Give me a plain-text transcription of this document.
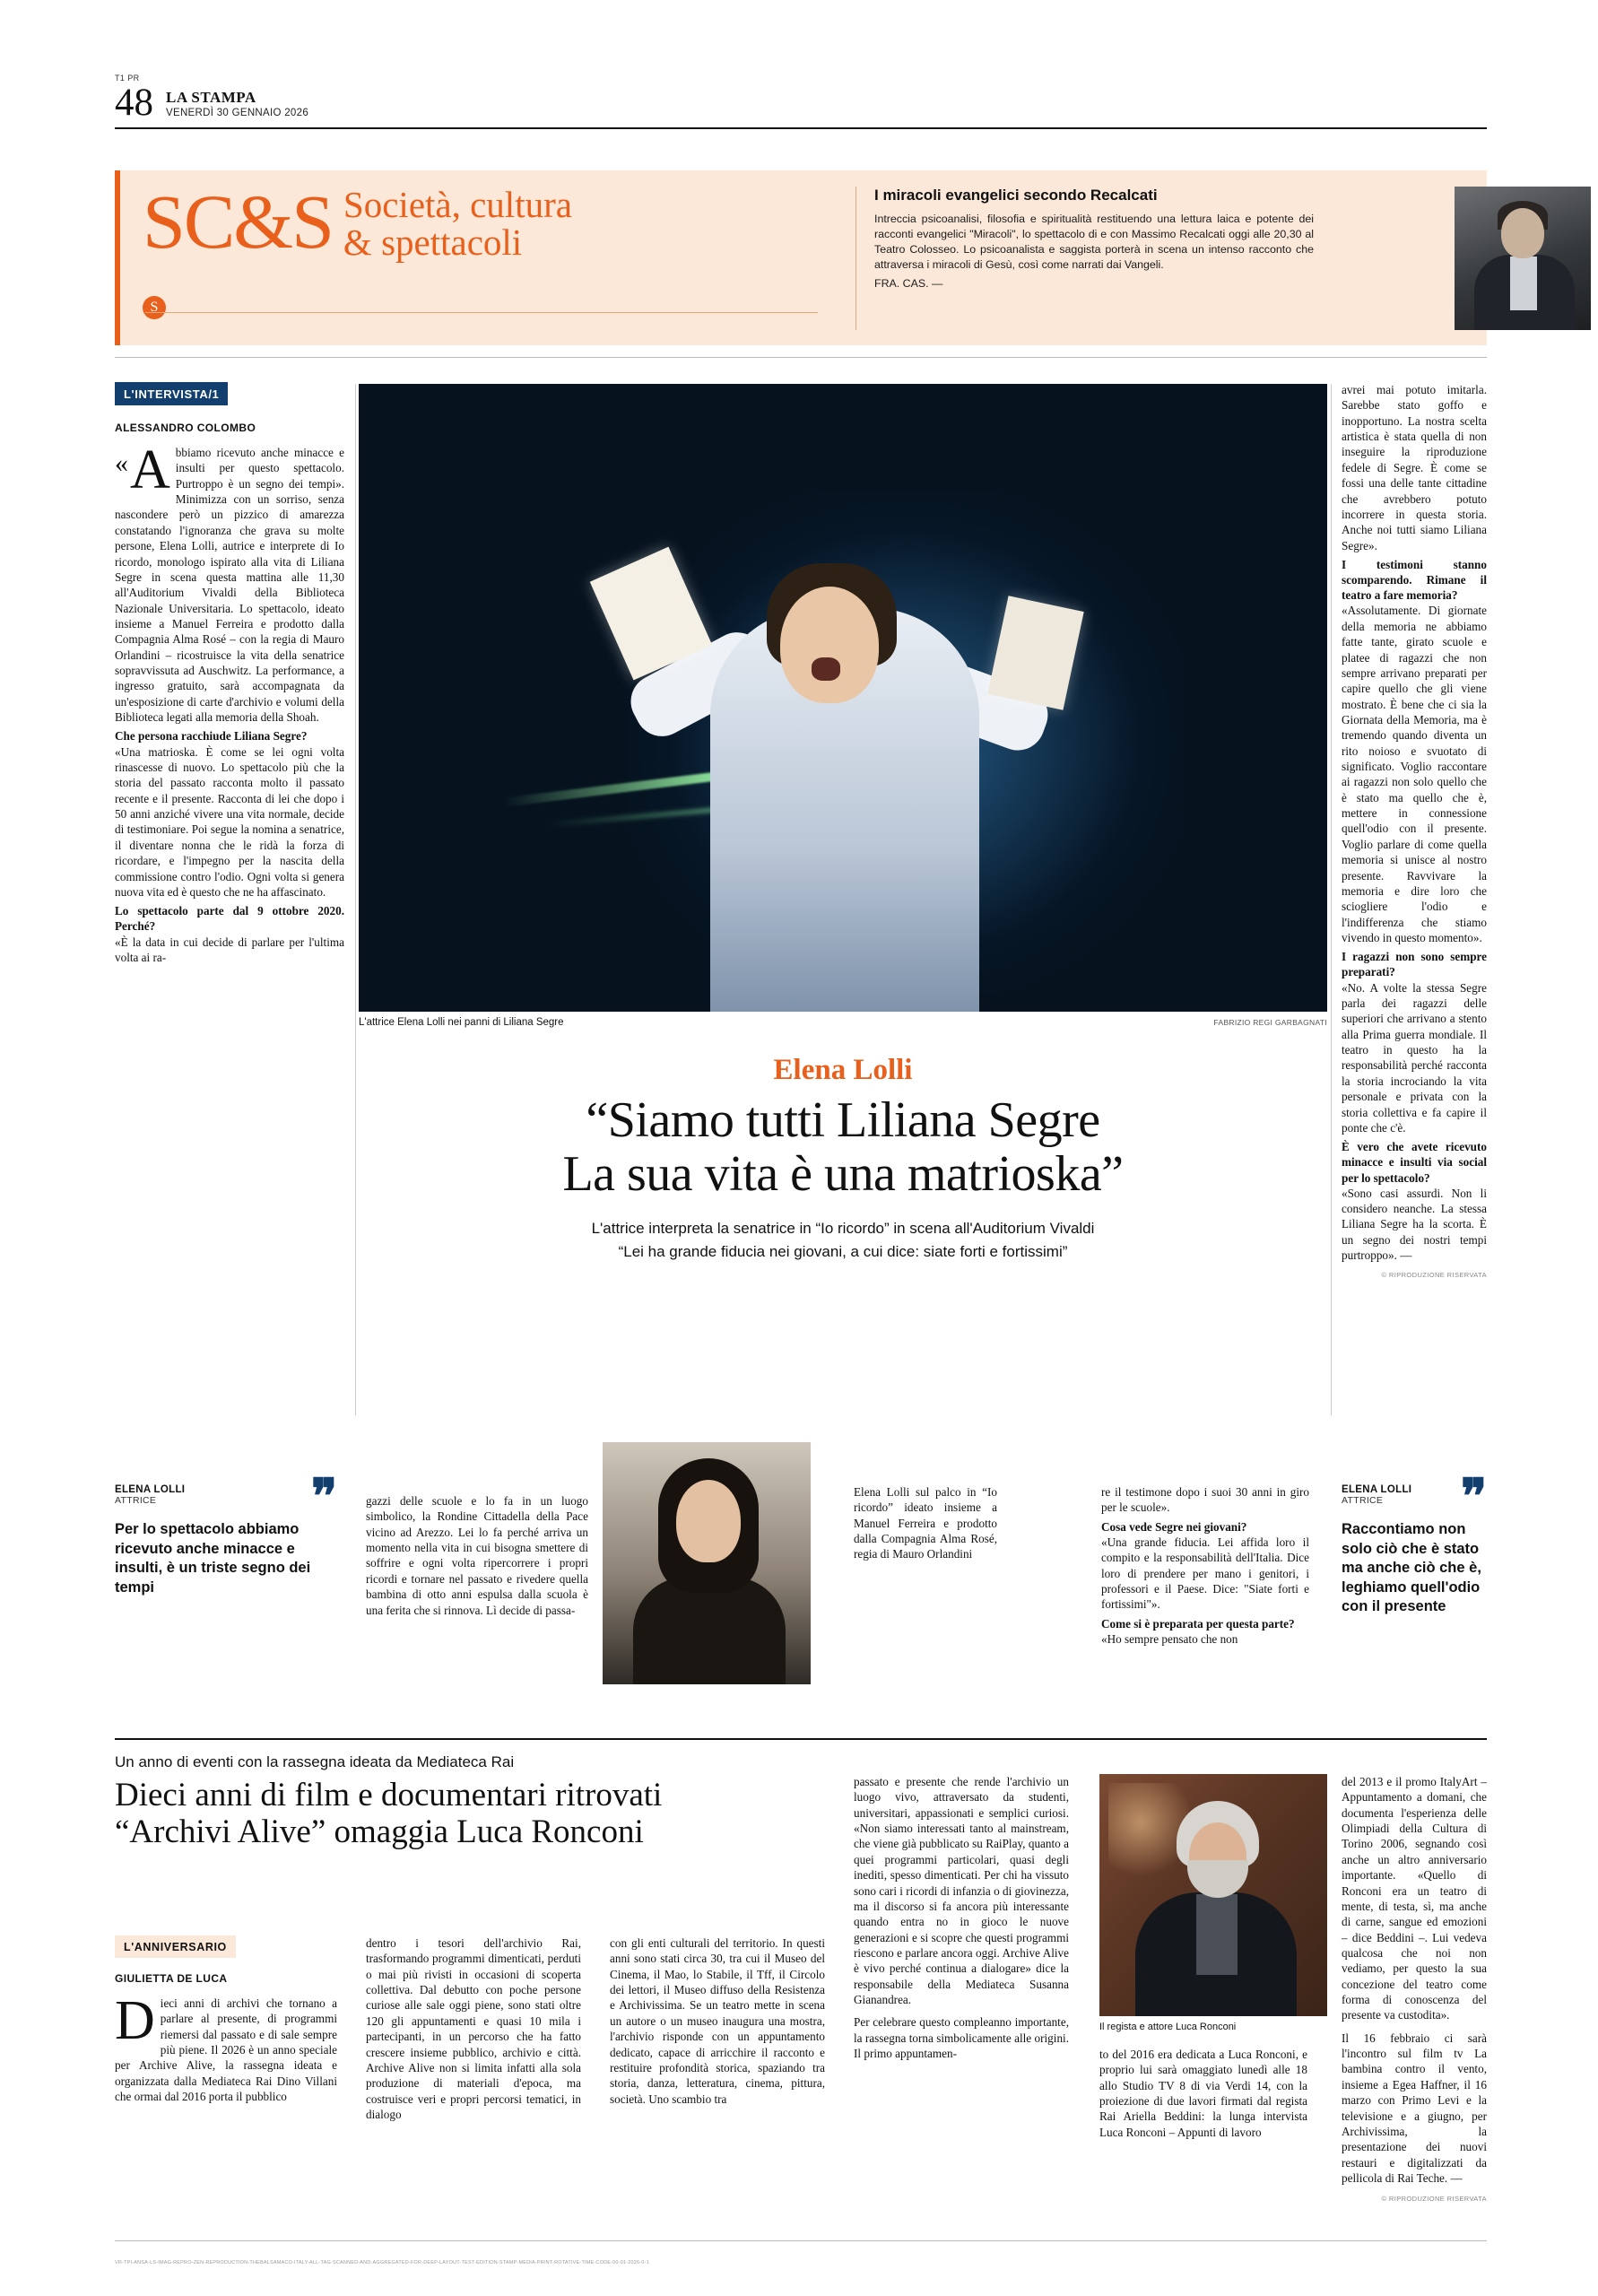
T1 PR
48 LA STAMPA
VENERDÌ 30 GENNAIO 2026
SC&S Società, cultura
& spettacoli
S
I miracoli evangelici secondo Recalcati

Intreccia psicoanalisi, filosofia e spiritualità restituendo una lettura laica e potente dei racconti evangelici "Miracoli", lo spettacolo di e con Massimo Recalcati oggi alle 20,30 al Teatro Colosseo. Lo psicoanalista e saggista porterà in scena un intenso racconto che attraversa i miracoli di Gesù, così come narrati dai Vangeli.

FRA. CAS. —

L'INTERVISTA/1
ALESSANDRO COLOMBO
« A bbiamo ricevuto anche minacce e insulti per questo spettacolo. Purtroppo è un segno dei tempi». Minimizza con un sorriso, senza nascondere però un pizzico di amarezza constatando l'ignoranza che grava su molte persone, Elena Lolli, autrice e interprete di Io ricordo, monologo ispirato alla vita di Liliana Segre in scena questa mattina alle 11,30 all'Auditorium Vivaldi della Biblioteca Nazionale Universitaria. Lo spettacolo, ideato insieme a Manuel Ferreira e prodotto dalla Compagnia Alma Rosé – con la regia di Mauro Orlandini – ricostruisce la vita della senatrice sopravvissuta ad Auschwitz. La performance, a ingresso gratuito, sarà accompagnata da un'esposizione di carte d'archivio e volumi della Biblioteca legati alla memoria della Shoah.

Che persona racchiude Liliana Segre?

«Una matrioska. È come se lei ogni volta rinascesse di nuovo. Lo spettacolo più che la storia del passato racconta molto il passato recente e il presente. Racconta di lei che dopo i 50 anni anziché vivere una vita normale, decide di testimoniare. Poi segue la nomina a senatrice, il diventare nonna che le ridà la forza di ricordare, e l'impegno per la nascita della commissione contro l'odio. Ogni volta si genera nuova vita ed è questo che ne ha affascinato.

Lo spettacolo parte dal 9 ottobre 2020. Perché?

«È la data in cui decide di parlare per l'ultima volta ai ra-

L'attrice Elena Lolli nei panni di Liliana Segre	FABRIZIO REGI GARBAGNATI
Elena Lolli
“Siamo tutti Liliana Segre
La sua vita è una matrioska”
L'attrice interpreta la senatrice in “Io ricordo” in scena all'Auditorium Vivaldi
“Lei ha grande fiducia nei giovani, a cui dice: siate forti e fortissimi”

avrei mai potuto imitarla. Sarebbe stato goffo e inopportuno. La nostra scelta artistica è stata quella di non inseguire la riproduzione fedele di Segre. È come se fossi una delle tante cittadine che avrebbero potuto incorrere in questa storia. Anche noi tutti siamo Liliana Segre».

I testimoni stanno scomparendo. Rimane il teatro a fare memoria?

«Assolutamente. Di giornate della memoria ne abbiamo fatte tante, girato scuole e platee di ragazzi che non sempre arrivano preparati per capire quello che gli viene mostrato. È bene che ci sia la Giornata della Memoria, ma è tremendo quando diventa un rito noioso e svuotato di significato. Voglio raccontare ai ragazzi non solo quello che è stato ma quello che è, mettere in connessione quell'odio con il presente. Voglio parlare di come quella memoria si unisce al nostro presente. Ravvivare la memoria e dire loro che sciogliere l'odio e l'indifferenza che stiamo vivendo in questo momento».

I ragazzi non sono sempre preparati?

«No. A volte la stessa Segre parla dei ragazzi delle superiori che arrivano a stento alla Prima guerra mondiale. Il teatro in questo ha la responsabilità perché racconta la storia incrociando la vita personale e privata con la storia collettiva e fa capire il ponte che c'è.

È vero che avete ricevuto minacce e insulti via social per lo spettacolo?

«Sono casi assurdi. Non li considero neanche. La stessa Liliana Segre ha la scorta. È un segno dei nostri tempi purtroppo». —

© RIPRODUZIONE RISERVATA
gazzi delle scuole e lo fa in un luogo simbolico, la Rondine Cittadella della Pace vicino ad Arezzo. Lei lo fa perché arriva un momento nella vita in cui bisogna smettere di soffrire e ogni volta ripercorrere i propri ricordi e tornare nel passato e rivedere quella bambina di otto anni espulsa dalla scuola è una ferita che si rinnova. Lì decide di passa-
Elena Lolli sul palco in “Io ricordo” ideato insieme a Manuel Ferreira e prodotto dalla Compagnia Alma Rosé, regia di Mauro Orlandini

re il testimone dopo i suoi 30 anni in giro per le scuole».

Cosa vede Segre nei giovani?

«Una grande fiducia. Lei affida loro il compito e la responsabilità dell'Italia. Dice loro di prendere per mano i genitori, i professori e il Paese. Dice: "Siate forti e fortissimi"».

Come si è preparata per questa parte?

«Ho sempre pensato che non

ELENA LOLLI
ATTRICE	❞
Per lo spettacolo abbiamo ricevuto anche minacce e insulti, è un triste segno dei tempi
ELENA LOLLI
ATTRICE	❞
Raccontiamo non solo ciò che è stato ma anche ciò che è, leghiamo quell'odio con il presente
Un anno di eventi con la rassegna ideata da Mediateca Rai
Dieci anni di film e documentari ritrovati
“Archivi Alive” omaggia Luca Ronconi
L'ANNIVERSARIO
GIULIETTA DE LUCA
D ieci anni di archivi che tornano a parlare al presente, di programmi riemersi dal passato e di sale sempre più piene. Il 2026 è un anno speciale per Archive Alive, la rassegna ideata e organizzata dalla Mediateca Rai Dino Villani che ormai dal 2016 porta il pubblico

dentro i tesori dell'archivio Rai, trasformando programmi dimenticati, perduti o mai più rivisti in occasioni di scoperta collettiva. Dal debutto con poche persone curiose alle sale oggi piene, sono stati oltre 120 gli appuntamenti e quasi 10 mila i partecipanti, in un percorso che ha fatto crescere insieme pubblico, archivio e città. Archive Alive non si limita infatti alla sola produzione di materiali d'epoca, ma costruisce veri e propri percorsi tematici, in dialogo
con gli enti culturali del territorio. In questi anni sono stati circa 30, tra cui il Museo del Cinema, il Mao, lo Stabile, il Tff, il Circolo dei lettori, il Museo diffuso della Resistenza e Archivissima. Se un teatro mette in scena un autore o un museo inaugura una mostra, l'archivio risponde con un appuntamento dedicato, capace di arricchire il racconto e restituire profondità storica, spaziando tra storia, danza, letteratura, cinema, pittura, società. Uno scambio tra
passato e presente che rende l'archivio un luogo vivo, attraversato da studenti, universitari, appassionati e semplici curiosi. «Non siamo interessati tanto al mainstream, che viene già pubblicato su RaiPlay, quanto a quei programmi particolari, quasi degli inediti, spesso dimenticati. Per chi ha vissuto sono cari i ricordi di infanzia o di giovinezza, ma il discorso si fa ancora più interessante quando entra no in gioco le nuove generazioni e si scopre che questi programmi riescono e parlare ancora oggi. Archive Alive è vivo perché continua a dialogare» dice la responsabile della Mediateca Susanna Gianandrea.
Per celebrare questo compleanno importante, la rassegna torna simbolicamente alle origini. Il primo appuntamen-
Il regista e attore Luca Ronconi
to del 2016 era dedicata a Luca Ronconi, e proprio lui sarà omaggiato lunedì alle 18 allo Studio TV 8 di via Verdi 14, con la proiezione di due lavori firmati dal regista Rai Ariella Beddini: la lunga intervista Luca Ronconi – Appunti di lavoro
del 2013 e il promo ItalyArt – Appuntamento a domani, che documenta l'esperienza delle Olimpiadi della Cultura di Torino 2006, segnando così anche un altro anniversario importante. «Quello di Ronconi era un teatro di mente, di testa, sì, ma anche di carne, sangue ed emozioni – dice Beddini –. Lui vedeva qualcosa che noi non vediamo, per questo la sua concezione del teatro come forma di conoscenza del presente va custodita».
Il 16 febbraio ci sarà l'incontro sul film tv La bambina contro il vento, insieme a Egea Haffner, il 16 marzo con Primo Levi e la televisione e a giugno, per Archivissima, la presentazione dei nuovi restauri e digitalizzati da pellicola di Rai Teche. —
© RIPRODUZIONE RISERVATA
VR-TPI-ANSA-LS-IMAG-REPRO-ZEN-REPRODUCTION-THEBALSAMACO-ITALY-ALL-TAG-SCANNED-AND-AGGREGATED-FOR-DEEP-LAYOUT-TEST-EDITION-STAMP-MEDIA-PRINT-ROTATIVE-TIME-CODE-00-01-2026-0-1
